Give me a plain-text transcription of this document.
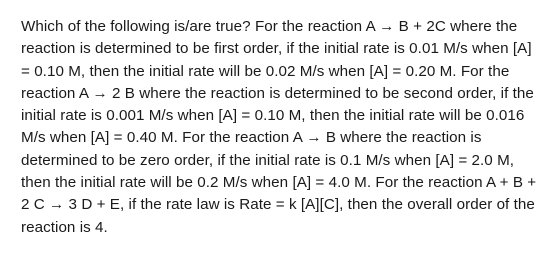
Which of the following is/are true? For the reaction A → B + 2C where the reaction is determined to be first order, if the initial rate is 0.01 M/s when [A] = 0.10 M, then the initial rate will be 0.02 M/s when [A] = 0.20 M. For the reaction A → 2 B where the reaction is determined to be second order, if the initial rate is 0.001 M/s when [A] = 0.10 M, then the initial rate will be 0.016 M/s when [A] = 0.40 M. For the reaction A → B where the reaction is determined to be zero order, if the initial rate is 0.1 M/s when [A] = 2.0 M, then the initial rate will be 0.2 M/s when [A] = 4.0 M. For the reaction A + B + 2 C → 3 D + E, if the rate law is Rate = k [A][C], then the overall order of the reaction is 4.
